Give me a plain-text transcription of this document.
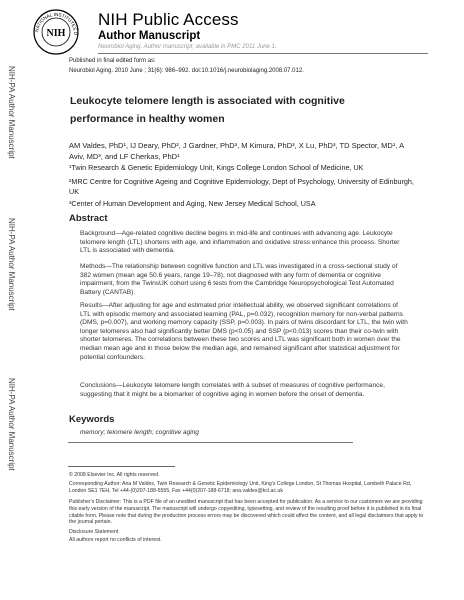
NATIONAL INSTITUTES O
NIH
NIH Public Access
Author Manuscript
Neurobiol Aging. Author manuscript; available in PMC 2011 June 1.
NIH-PA Author Manuscript
NIH-PA Author Manuscript
NIH-PA Author Manuscript
Published in final edited form as:
Neurobiol Aging. 2010 June ; 31(6): 986–992. doi:10.1016/j.neurobiolaging.2008.07.012.
Leukocyte telomere length is associated with cognitive performance in healthy women
AM Valdes, PhD¹, IJ Deary, PhD², J Gardner, PhD³, M Kimura, PhD³, X Lu, PhD³, TD Spector, MD¹, A Aviv, MD³, and LF Cherkas, PhD¹
¹Twin Research & Genetic Epidemiology Unit, Kings College London School of Medicine, UK
²MRC Centre for Cognitive Ageing and Cognitive Epidemiology, Dept of Psychology, University of Edinburgh, UK
³Center of Human Development and Aging, New Jersey Medical School, USA
Abstract
Background—Age-related cognitive decline begins in mid-life and continues with advancing age. Leukocyte telomere length (LTL) shortens with age, and inflammation and oxidative stress enhance this process. Shorter LTL is associated with dementia.
Methods—The relationship between cognitive function and LTL was investigated in a cross-sectional study of 382 women (mean age 50.6 years, range 19–78), not diagnosed with any form of dementia or cognitive impairment, from the TwinsUK cohort using 6 tests from the Cambridge Neuropsychological Test Automated Battery (CANTAB).
Results—After adjusting for age and estimated prior intellectual ability, we observed significant correlations of LTL with episodic memory and associated learning (PAL, p=0.032), recognition memory for non-verbal patterns (DMS, p=0.007), and working memory capacity (SSP, p=0.003). In pairs of twins discordant for LTL, the twin with longer telomeres also had significantly better DMS (p<0.05) and SSP (p<0.013) scores than their co-twin with shorter telomeres. The correlations between these two scores and LTL was significant both in women over the median mean age and in those below the median age, and remained significant after statistical adjustment for potential confounders.
Conclusions—Leukocyte telomere length correlates with a subset of measures of cognitive performance, suggesting that it might be a biomarker of cognitive aging in women before the onset of dementia.
Keywords
memory; telomere length; cognitive aging
© 2008 Elsevier Inc. All rights reserved.
Corresponding Author: Ana M Valdes, Twin Research & Genetic Epidemiology Unit, King’s College London, St Thomas Hospital, Lambeth Palace Rd, London SE1 7EH, Tel +44-(0)207-188-5555, Fax +44(0)207-188-6718; ana.valdes@kcl.ac.uk
Publisher's Disclaimer: This is a PDF file of an unedited manuscript that has been accepted for publication. As a service to our customers we are providing this early version of the manuscript. The manuscript will undergo copyediting, typesetting, and review of the resulting proof before it is published in its final citable form. Please note that during the production process errors may be discovered which could affect the content, and all legal disclaimers that apply to the journal pertain.
Disclosure Statement
All authors report no conflicts of interest.
